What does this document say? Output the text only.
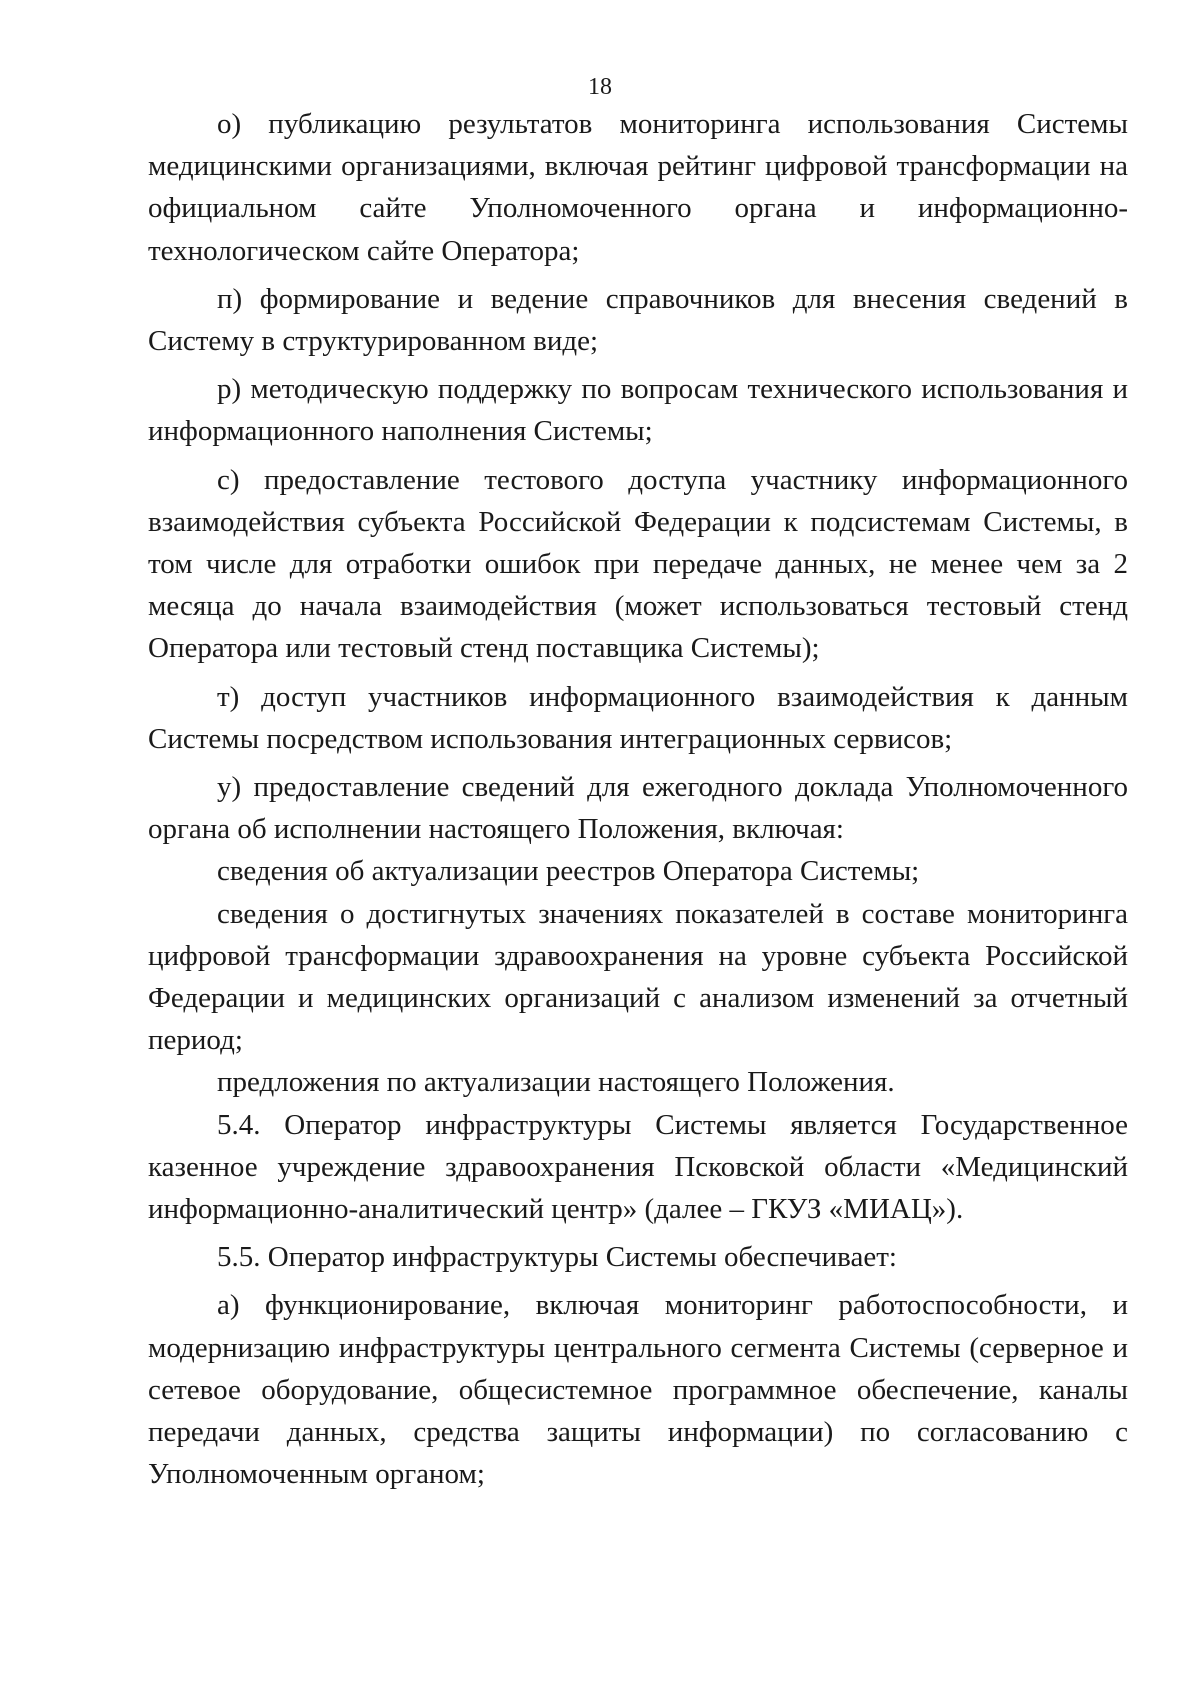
18

о) публикацию результатов мониторинга использования Системы медицинскими организациями, включая рейтинг цифровой трансформации на официальном сайте Уполномоченного органа и информационно-технологическом сайте Оператора;

п) формирование и ведение справочников для внесения сведений в Систему в структурированном виде;

р) методическую поддержку по вопросам технического использования и информационного наполнения Системы;

с) предоставление тестового доступа участнику информационного взаимодействия субъекта Российской Федерации к подсистемам Системы, в том числе для отработки ошибок при передаче данных, не менее чем за 2 месяца до начала взаимодействия (может использоваться тестовый стенд Оператора или тестовый стенд поставщика Системы);

т) доступ участников информационного взаимодействия к данным Системы посредством использования интеграционных сервисов;

у) предоставление сведений для ежегодного доклада Уполномоченного органа об исполнении настоящего Положения, включая:

сведения об актуализации реестров Оператора Системы;

сведения о достигнутых значениях показателей в составе мониторинга цифровой трансформации здравоохранения на уровне субъекта Российской Федерации и медицинских организаций с анализом изменений за отчетный период;

предложения по актуализации настоящего Положения.

5.4. Оператор инфраструктуры Системы является Государственное казенное учреждение здравоохранения Псковской области «Медицинский информационно-аналитический центр» (далее – ГКУЗ «МИАЦ»).

5.5. Оператор инфраструктуры Системы обеспечивает:

а) функционирование, включая мониторинг работоспособности, и модернизацию инфраструктуры центрального сегмента Системы (серверное и сетевое оборудование, общесистемное программное обеспечение, каналы передачи данных, средства защиты информации) по согласованию с Уполномоченным органом;
